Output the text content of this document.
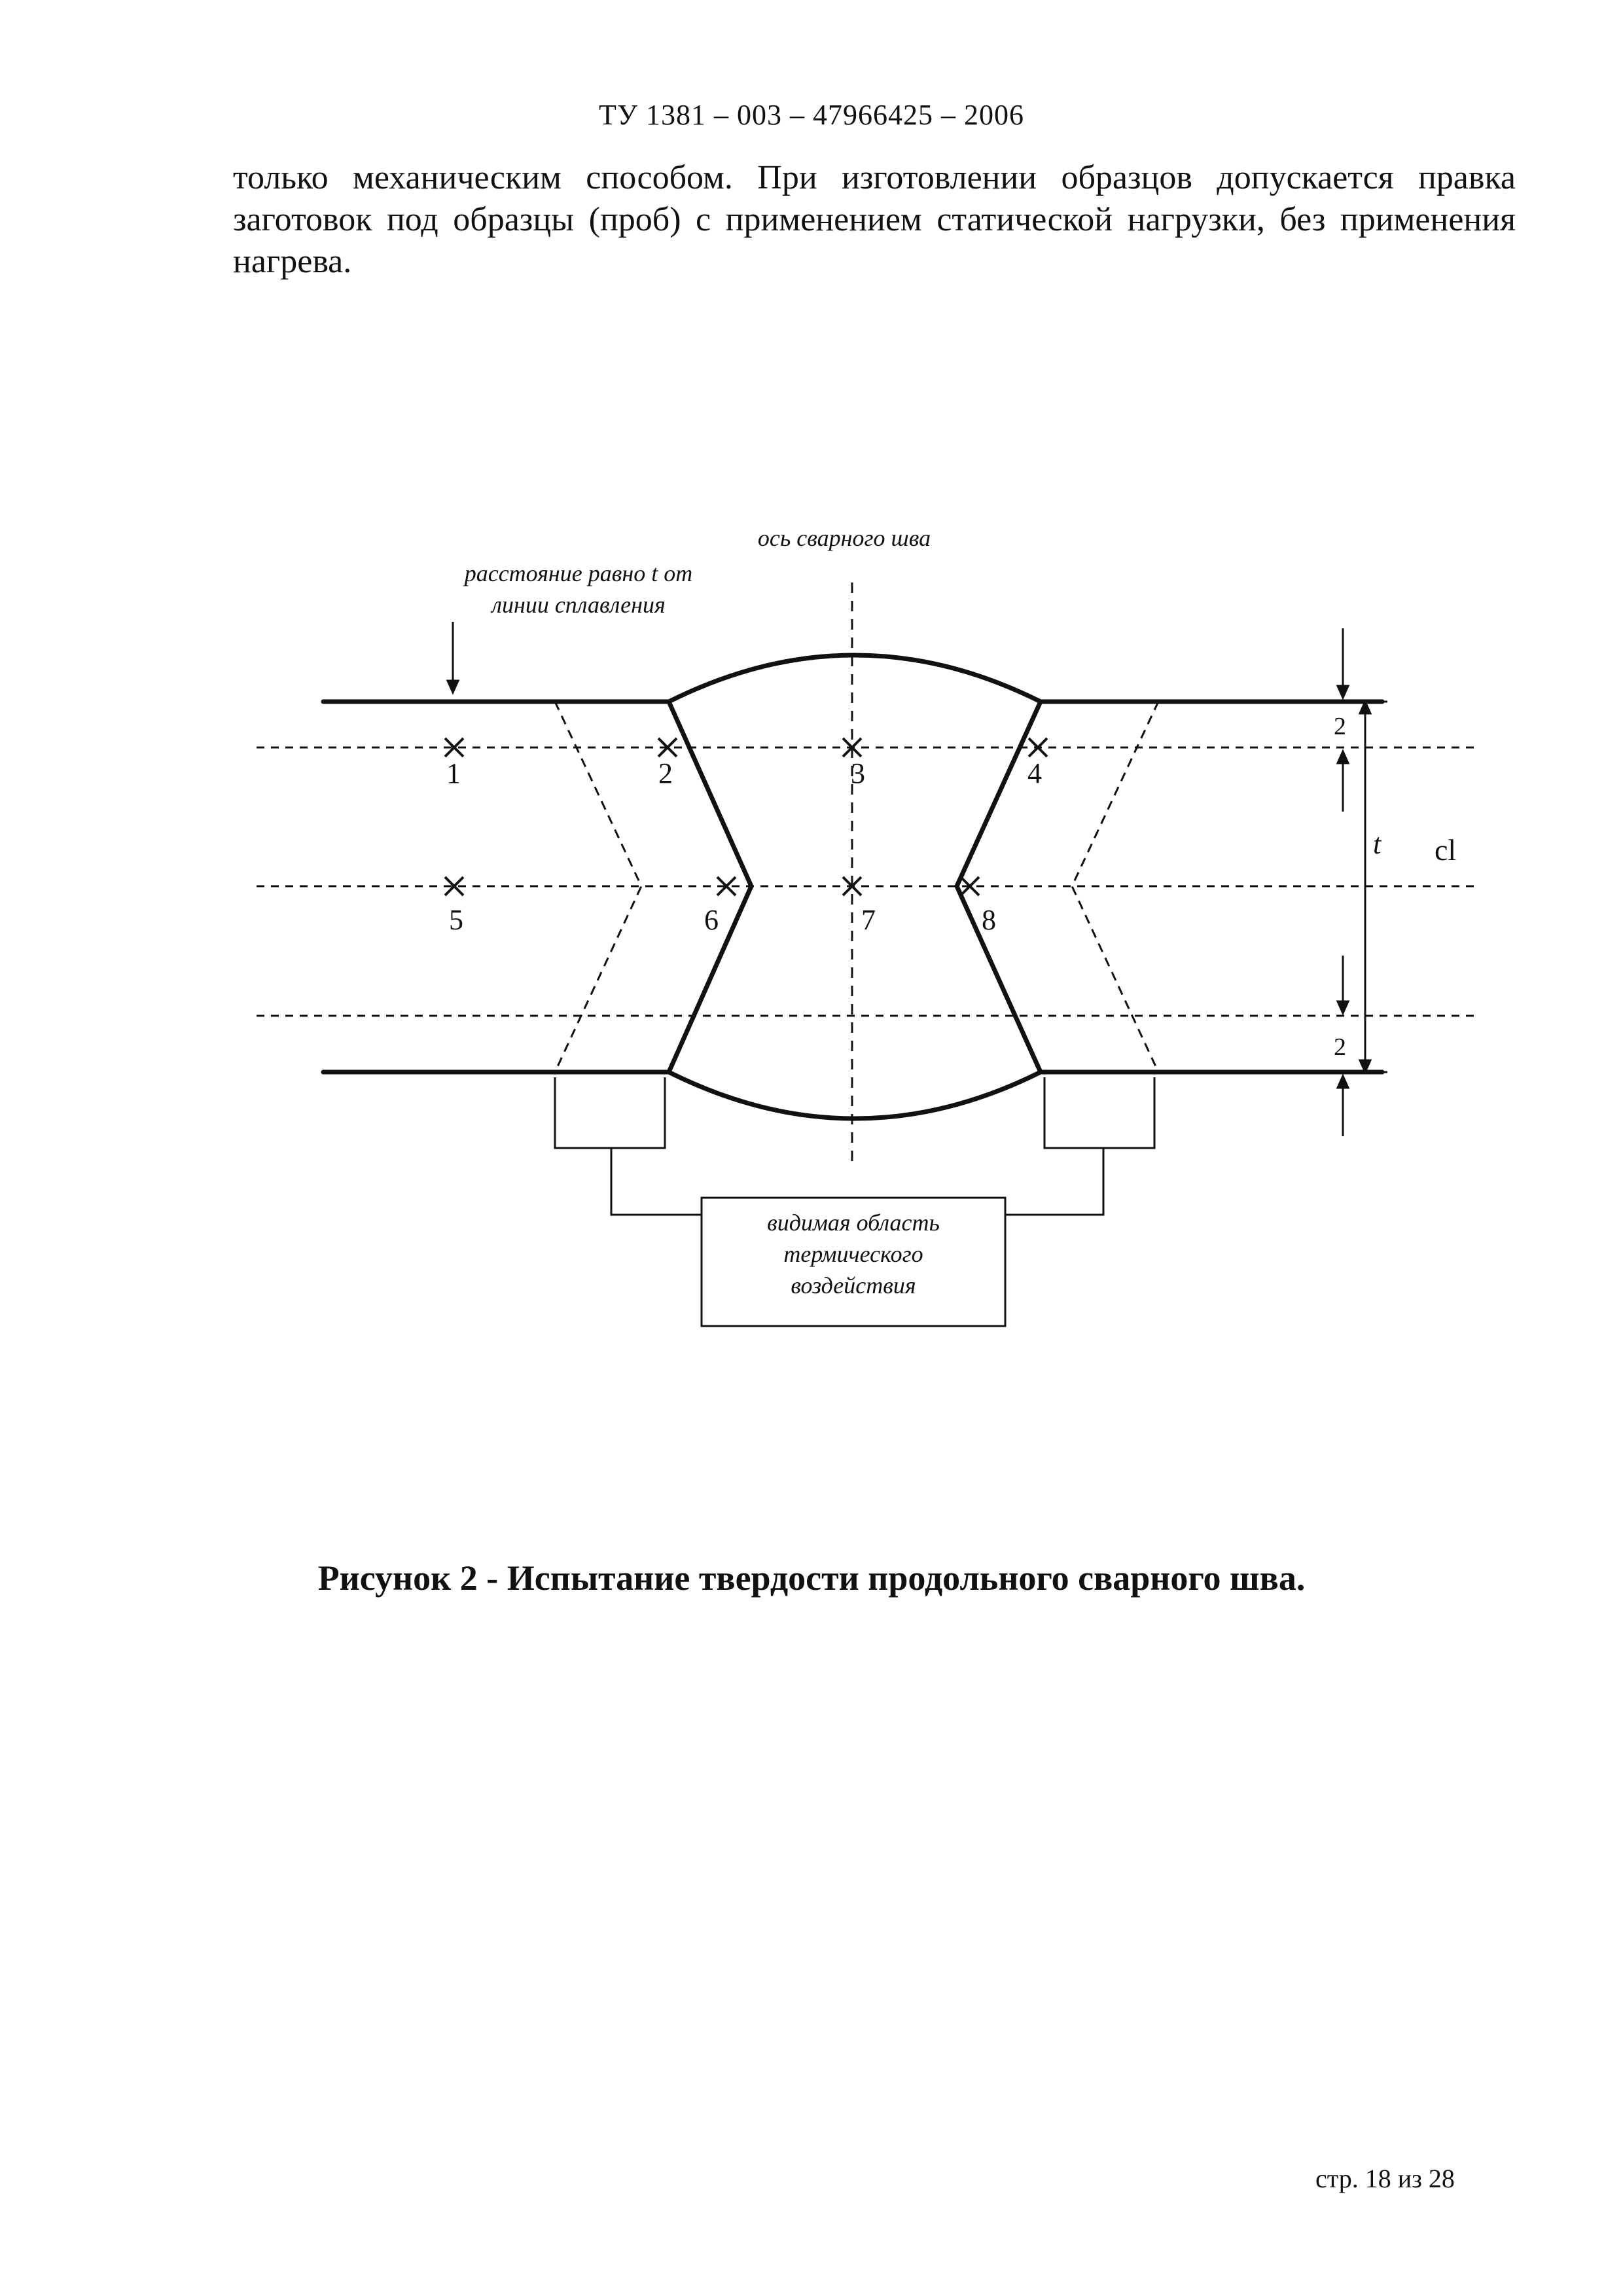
ТУ 1381 – 003 – 47966425 – 2006
только механическим способом. При изготовлении образцов допускается правка заготовок под образцы (проб) с применением статической нагрузки, без применения нагрева.
1	2	3	4
5	6	7	8
2
2
t cl
видимая область
термического
воздействия
ось сварного шва
расстояние равно t от
линии сплавления
Рисунок 2 - Испытание твердости продольного сварного шва.
стр. 18 из 28
